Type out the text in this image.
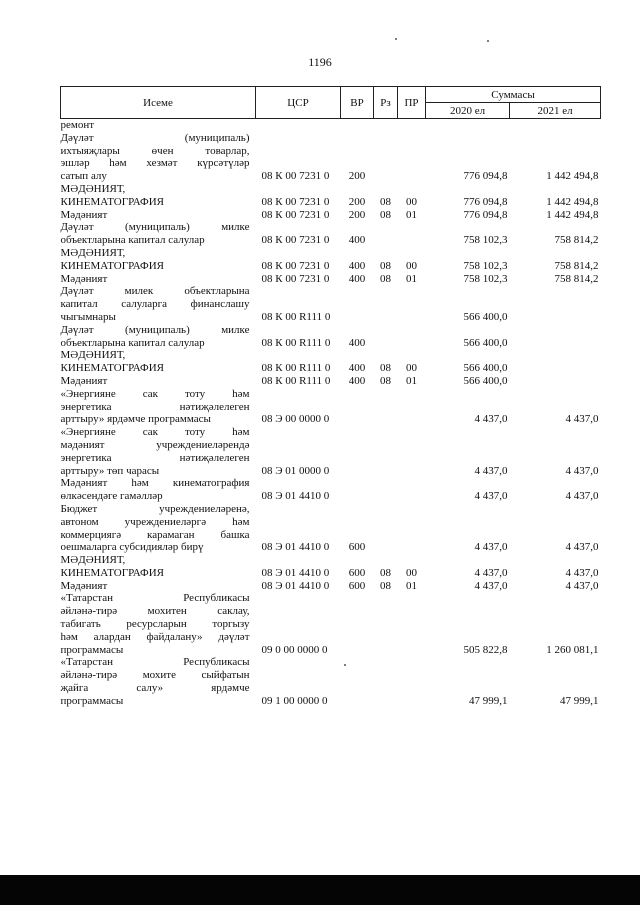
1196
Исеме	ЦСР	ВР	Рз	ПР	Суммасы	
					2020 ел	2021 ел

ремонт						

Дәүләт (муниципаль)
ихтыяҗлары өчен товарлар,
эшләр һәм хезмәт күрсәтүләр
сатып алу	08 К 00 7231 0	200			776 094,8	1 442 494,8

МӘДӘНИЯТ,
КИНЕМАТОГРАФИЯ	08 К 00 7231 0	200	08	00	776 094,8	1 442 494,8

Мәдәният	08 К 00 7231 0	200	08	01	776 094,8	1 442 494,8

Дәүләт (муниципаль) милке
объектларына капитал салулар	08 К 00 7231 0	400			758 102,3	758 814,2

МӘДӘНИЯТ,
КИНЕМАТОГРАФИЯ	08 К 00 7231 0	400	08	00	758 102,3	758 814,2

Мәдәният	08 К 00 7231 0	400	08	01	758 102,3	758 814,2

Дәүләт милек объектларына
капитал салуларга финанслашу
чыгымнары	08 К 00 R111 0				566 400,0	

Дәүләт (муниципаль) милке
объектларына капитал салулар	08 К 00 R111 0	400			566 400,0	

МӘДӘНИЯТ,
КИНЕМАТОГРАФИЯ	08 К 00 R111 0	400	08	00	566 400,0	

Мәдәният	08 К 00 R111 0	400	08	01	566 400,0	

«Энергияне сак тоту һәм
энергетика нәтиҗәлелеген
арттыру» ярдәмче программасы	08 Э 00 0000 0				4 437,0	4 437,0

«Энергияне сак тоту һәм
мәдәният учреждениеләрендә
энергетика нәтиҗәлелеген
арттыру» төп чарасы	08 Э 01 0000 0				4 437,0	4 437,0

Мәдәният һәм кинематография
өлкәсендәге гамәлләр	08 Э 01 4410 0				4 437,0	4 437,0

Бюджет учреждениеләренә,
автоном учреждениеләргә һәм
коммерциягә карамаган башка
оешмаларга субсидияләр бирү	08 Э 01 4410 0	600			4 437,0	4 437,0

МӘДӘНИЯТ,
КИНЕМАТОГРАФИЯ	08 Э 01 4410 0	600	08	00	4 437,0	4 437,0

Мәдәният	08 Э 01 4410 0	600	08	01	4 437,0	4 437,0

«Татарстан Республикасы
әйләнә-тирә мохитен саклау,
табигать ресурсларын торгызу
һәм алардан файдалану» дәүләт
программасы	09 0 00 0000 0				505 822,8	1 260 081,1

«Татарстан Республикасы
әйләнә-тирә мохите сыйфатын
җайга салу» ярдәмче
программасы	09 1 00 0000 0				47 999,1	47 999,1
